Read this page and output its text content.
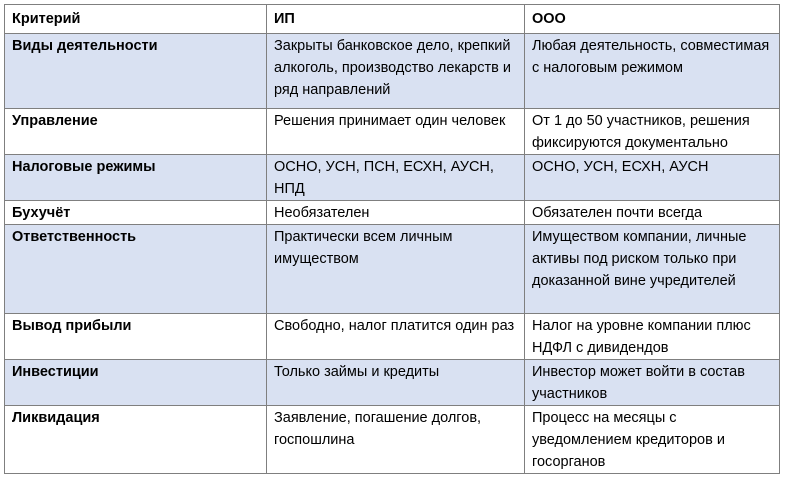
Критерий	ИП	ООО
Виды деятельности	Закрыты банковское дело, крепкий алкоголь, производство лекарств и ряд направлений	Любая деятельность, совместимая с налоговым режимом
Управление	Решения принимает один человек	От 1 до 50 участников, решения фиксируются документально
Налоговые режимы	ОСНО, УСН, ПСН, ЕСХН, АУСН, НПД	ОСНО, УСН, ЕСХН, АУСН
Бухучёт	Необязателен	Обязателен почти всегда
Ответственность	Практически всем личным имуществом	Имуществом компании, личные активы под риском только при доказанной вине учредителей
Вывод прибыли	Свободно, налог платится один раз	Налог на уровне компании плюс НДФЛ с дивидендов
Инвестиции	Только займы и кредиты	Инвестор может войти в состав участников
Ликвидация	Заявление, погашение долгов, госпошлина	Процесс на месяцы с уведомлением кредиторов и госорганов
